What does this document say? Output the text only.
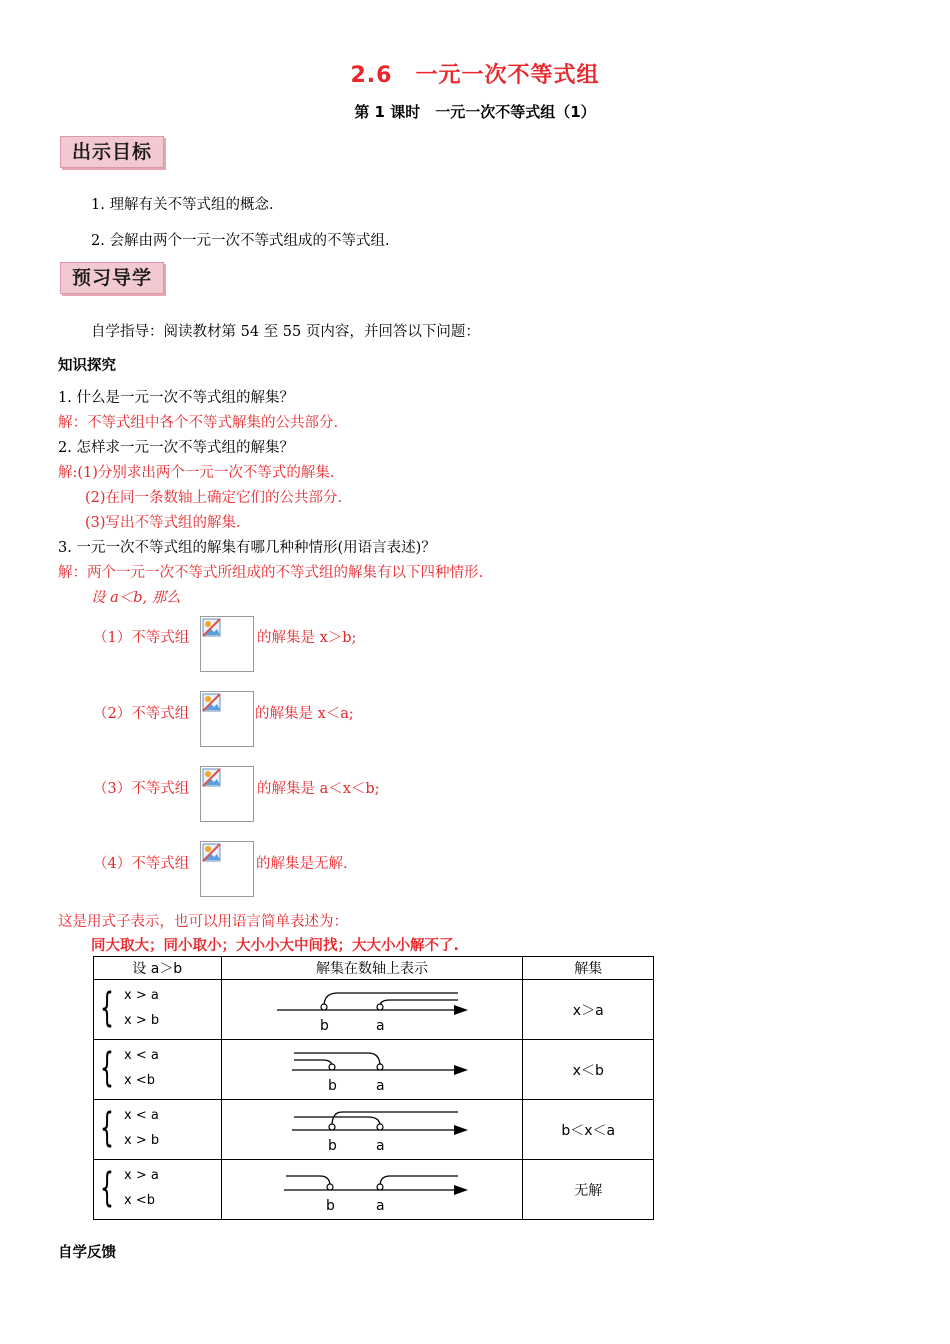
2.6　一元一次不等式组
第 1 课时　一元一次不等式组（1）
出示目标
1. 理解有关不等式组的概念.
2. 会解由两个一元一次不等式组成的不等式组.
预习导学
自学指导：阅读教材第 54 至 55 页内容，并回答以下问题：
知识探究
1. 什么是一元一次不等式组的解集？
解：不等式组中各个不等式解集的公共部分.
2. 怎样求一元一次不等式组的解集？
解:(1)分别求出两个一元一次不等式的解集.
(2)在同一条数轴上确定它们的公共部分.
(3)写出不等式组的解集.
3. 一元一次不等式组的解集有哪几种种情形(用语言表述)？
解：两个一元一次不等式所组成的不等式组的解集有以下四种情形.
设 a＜b, 那么
（1）不等式组	的解集是 x＞b;
（2）不等式组	的解集是 x＜a;
（3）不等式组	的解集是 a＜x＜b;
（4）不等式组	的解集是无解.
这是用式子表示，也可以用语言简单表述为：
同大取大；同小取小；大小小大中间找；大大小小解不了.
设 a＞b	解集在数轴上表示	解集

{ x > a
x > b	b a	x＞a

{ x < a
x <b	b a	x＜b

{ x < a
x > b	b a	b＜x＜a

{ x > a
x <b	b a	无解
自学反馈
